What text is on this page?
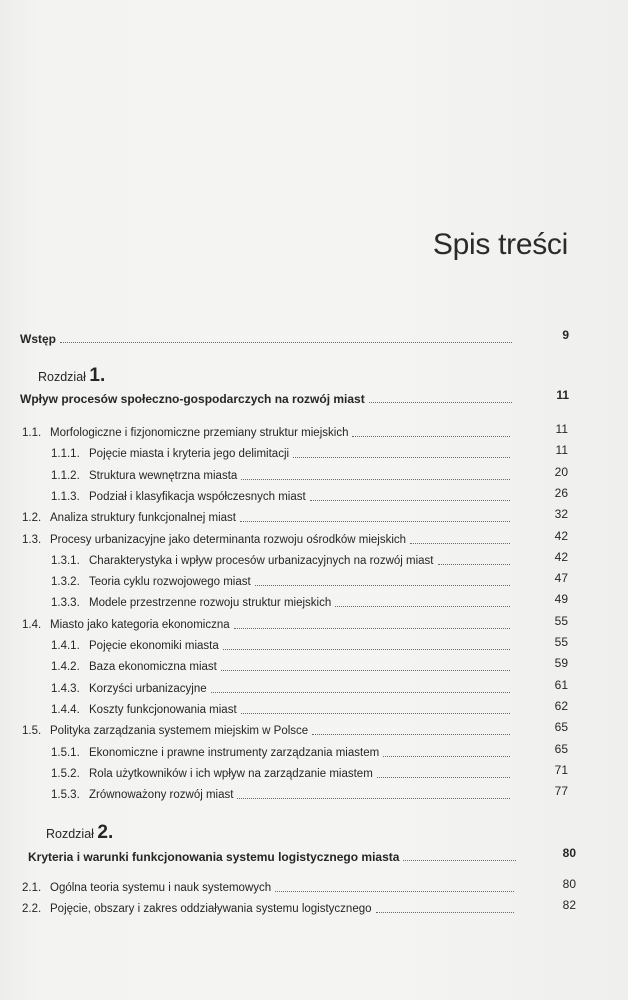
Spis treści
Wstęp	9
Rozdział 1.
Wpływ procesów społeczno-gospodarczych na rozwój miast	11
1.1. Morfologiczne i fizjonomiczne przemiany struktur miejskich	11
1.1.1. Pojęcie miasta i kryteria jego delimitacji	11
1.1.2. Struktura wewnętrzna miasta	20
1.1.3. Podział i klasyfikacja współczesnych miast	26
1.2. Analiza struktury funkcjonalnej miast	32
1.3. Procesy urbanizacyjne jako determinanta rozwoju ośrodków miejskich	42
1.3.1. Charakterystyka i wpływ procesów urbanizacyjnych na rozwój miast	42
1.3.2. Teoria cyklu rozwojowego miast	47
1.3.3. Modele przestrzenne rozwoju struktur miejskich	49
1.4. Miasto jako kategoria ekonomiczna	55
1.4.1. Pojęcie ekonomiki miasta	55
1.4.2. Baza ekonomiczna miast	59
1.4.3. Korzyści urbanizacyjne	61
1.4.4. Koszty funkcjonowania miast	62
1.5. Polityka zarządzania systemem miejskim w Polsce	65
1.5.1. Ekonomiczne i prawne instrumenty zarządzania miastem	65
1.5.2. Rola użytkowników i ich wpływ na zarządzanie miastem	71
1.5.3. Zrównoważony rozwój miast	77
Rozdział 2.
Kryteria i warunki funkcjonowania systemu logistycznego miasta	80
2.1. Ogólna teoria systemu i nauk systemowych	80
2.2. Pojęcie, obszary i zakres oddziaływania systemu logistycznego	82
